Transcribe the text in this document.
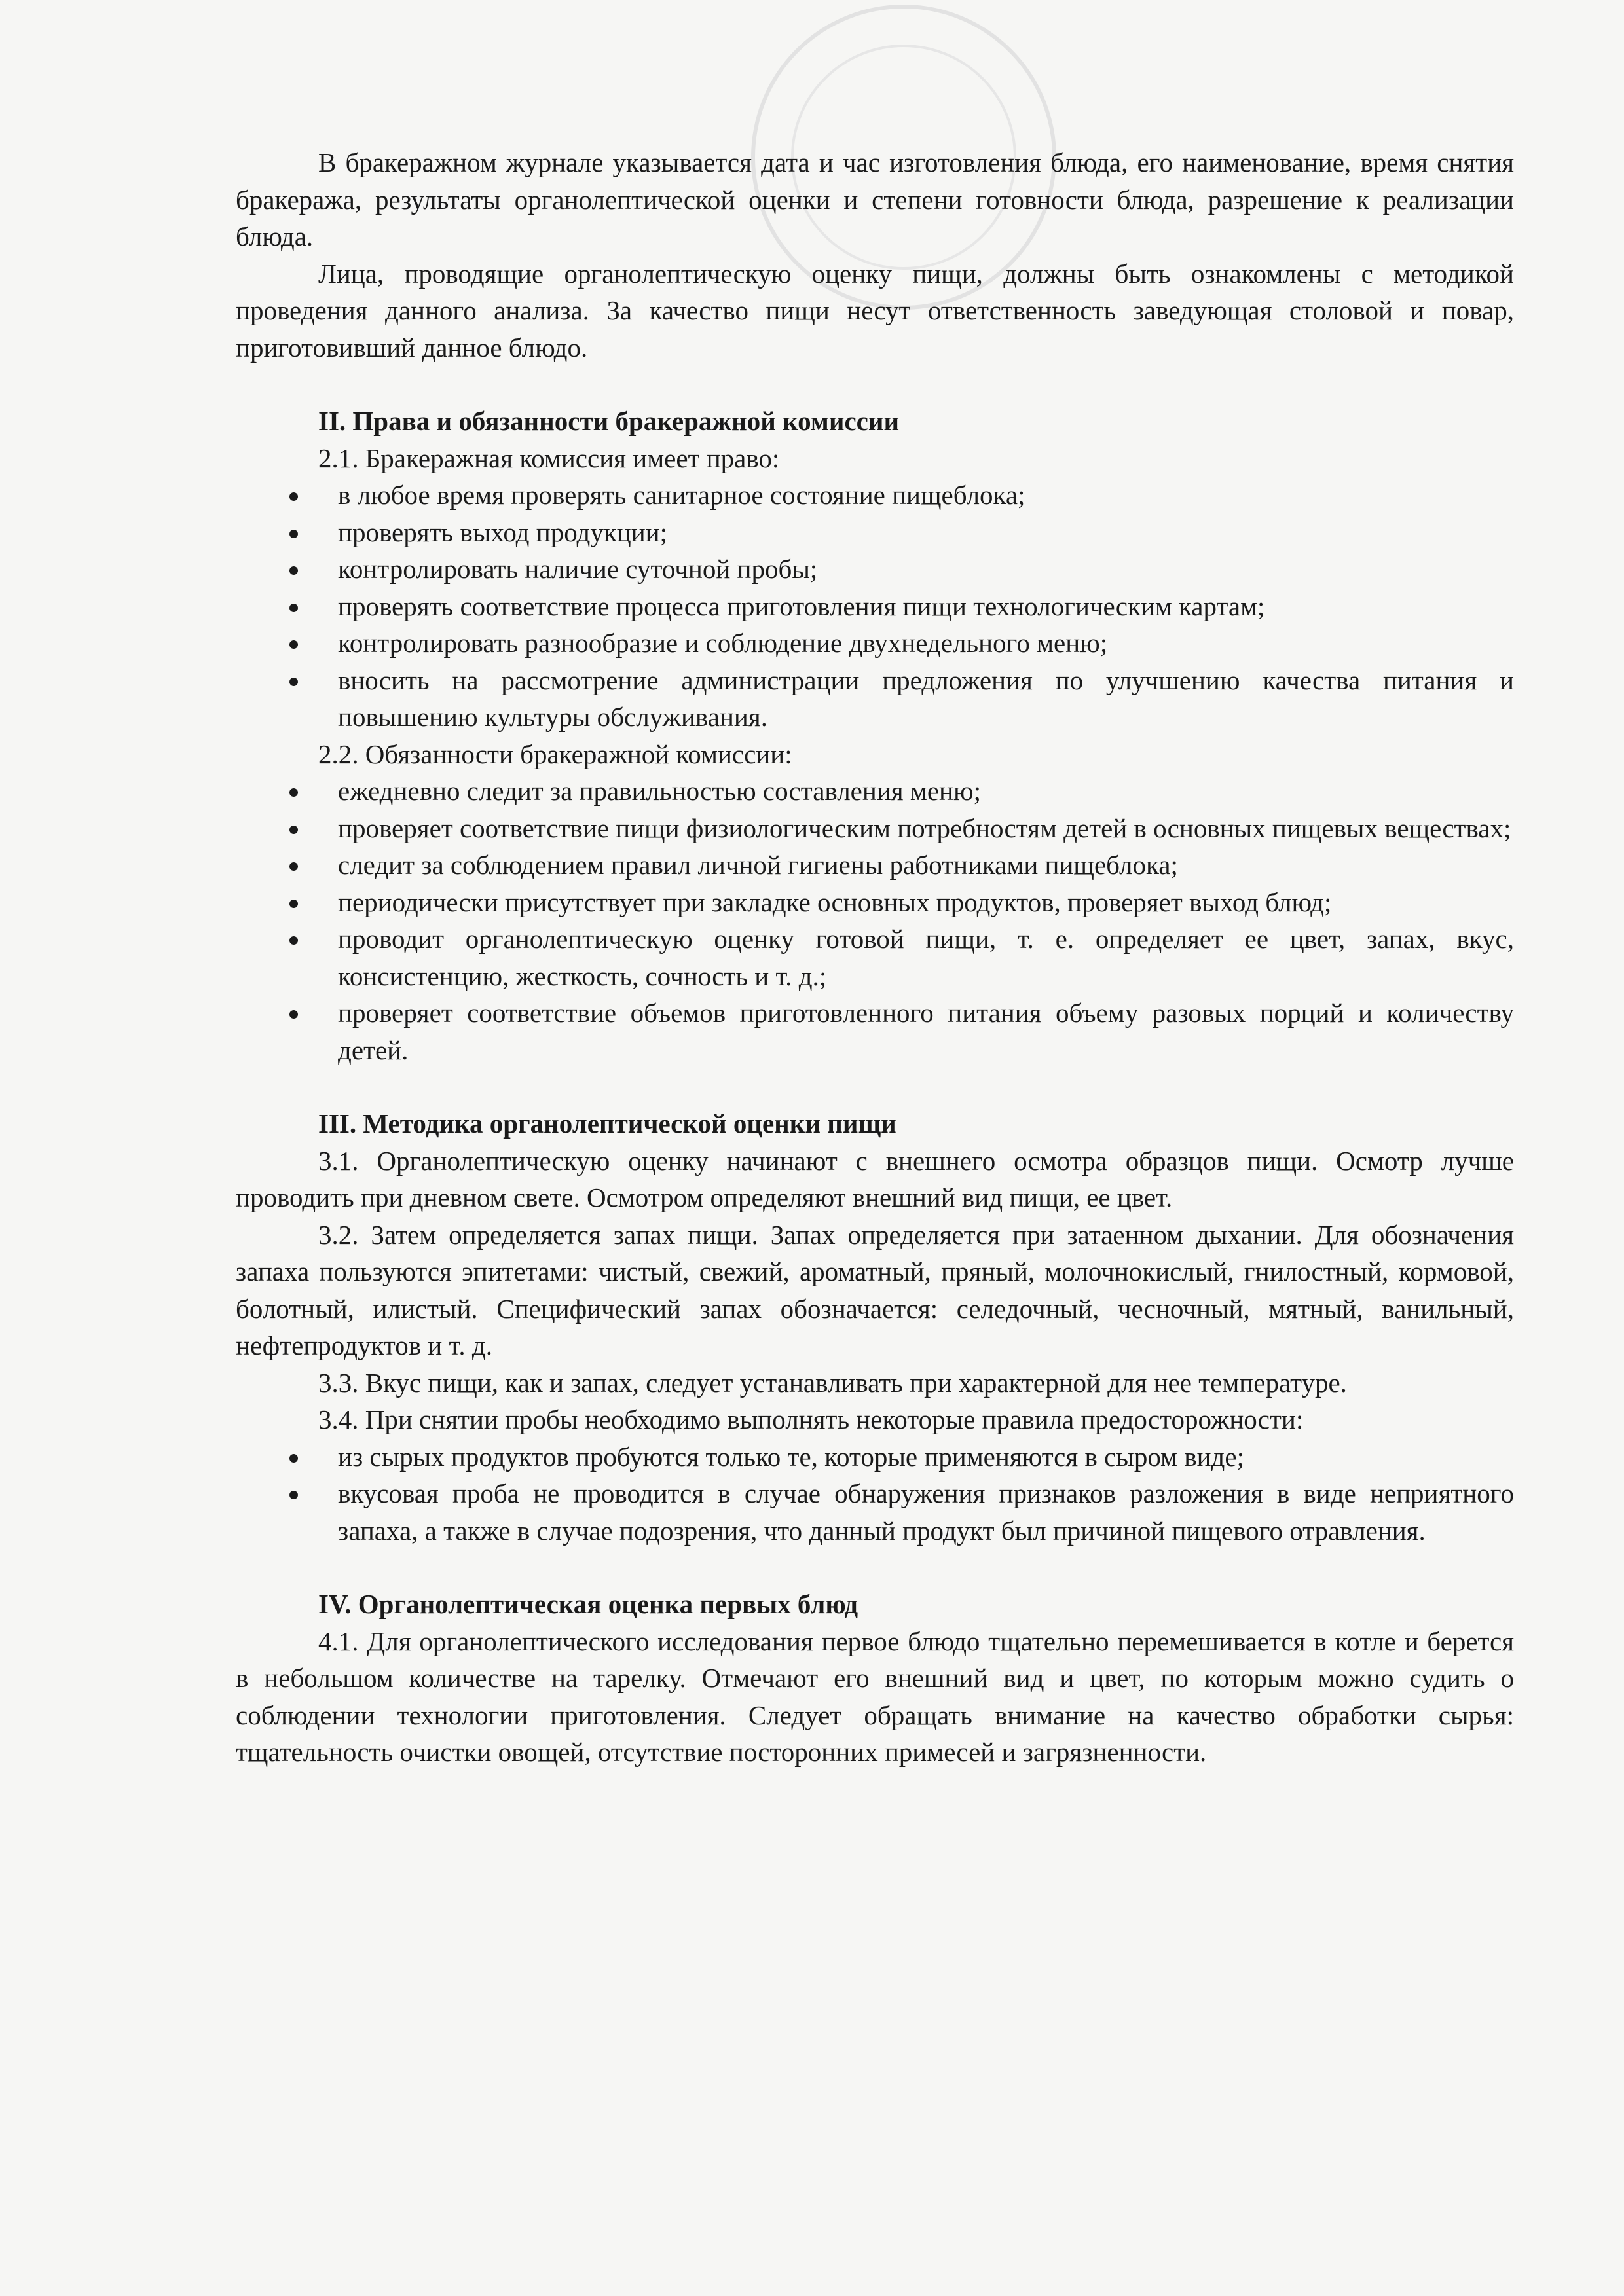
В бракеражном журнале указывается дата и час изготовления блюда, его наименование, время снятия бракеража, результаты органолептической оценки и степени готовности блюда, разрешение к реализации блюда.

Лица, проводящие органолептическую оценку пищи, должны быть ознакомлены с методикой проведения данного анализа. За качество пищи несут ответственность заведующая столовой и повар, приготовивший данное блюдо.

II. Права и обязанности бракеражной комиссии

2.1. Бракеражная комиссия имеет право:

в любое время проверять санитарное состояние пищеблока;
проверять выход продукции;
контролировать наличие суточной пробы;
проверять соответствие процесса приготовления пищи технологическим картам;
контролировать разнообразие и соблюдение двухнедельного меню;
вносить на рассмотрение администрации предложения по улучшению качества питания и повышению культуры обслуживания.

2.2. Обязанности бракеражной комиссии:

ежедневно следит за правильностью составления меню;
проверяет соответствие пищи физиологическим потребностям детей в основных пищевых веществах;
следит за соблюдением правил личной гигиены работниками пищеблока;
периодически присутствует при закладке основных продуктов, проверяет выход блюд;
проводит органолептическую оценку готовой пищи, т. е. определяет ее цвет, запах, вкус, консистенцию, жесткость, сочность и т. д.;
проверяет соответствие объемов приготовленного питания объему разовых порций и количеству детей.

III. Методика органолептической оценки пищи

3.1. Органолептическую оценку начинают с внешнего осмотра образцов пищи. Осмотр лучше проводить при дневном свете. Осмотром определяют внешний вид пищи, ее цвет.

3.2. Затем определяется запах пищи. Запах определяется при затаенном дыхании. Для обозначения запаха пользуются эпитетами: чистый, свежий, ароматный, пряный, молочнокислый, гнилостный, кормовой, болотный, илистый. Специфический запах обозначается: селедочный, чесночный, мятный, ванильный, нефтепродуктов и т. д.

3.3. Вкус пищи, как и запах, следует устанавливать при характерной для нее температуре.

3.4. При снятии пробы необходимо выполнять некоторые правила предосторожности:

из сырых продуктов пробуются только те, которые применяются в сыром виде;
вкусовая проба не проводится в случае обнаружения признаков разложения в виде неприятного запаха, а также в случае подозрения, что данный продукт был причиной пищевого отравления.

IV. Органолептическая оценка первых блюд

4.1. Для органолептического исследования первое блюдо тщательно перемешивается в котле и берется в небольшом количестве на тарелку. Отмечают его внешний вид и цвет, по которым можно судить о соблюдении технологии приготовления. Следует обращать внимание на качество обработки сырья: тщательность очистки овощей, отсутствие посторонних примесей и загрязненности.
